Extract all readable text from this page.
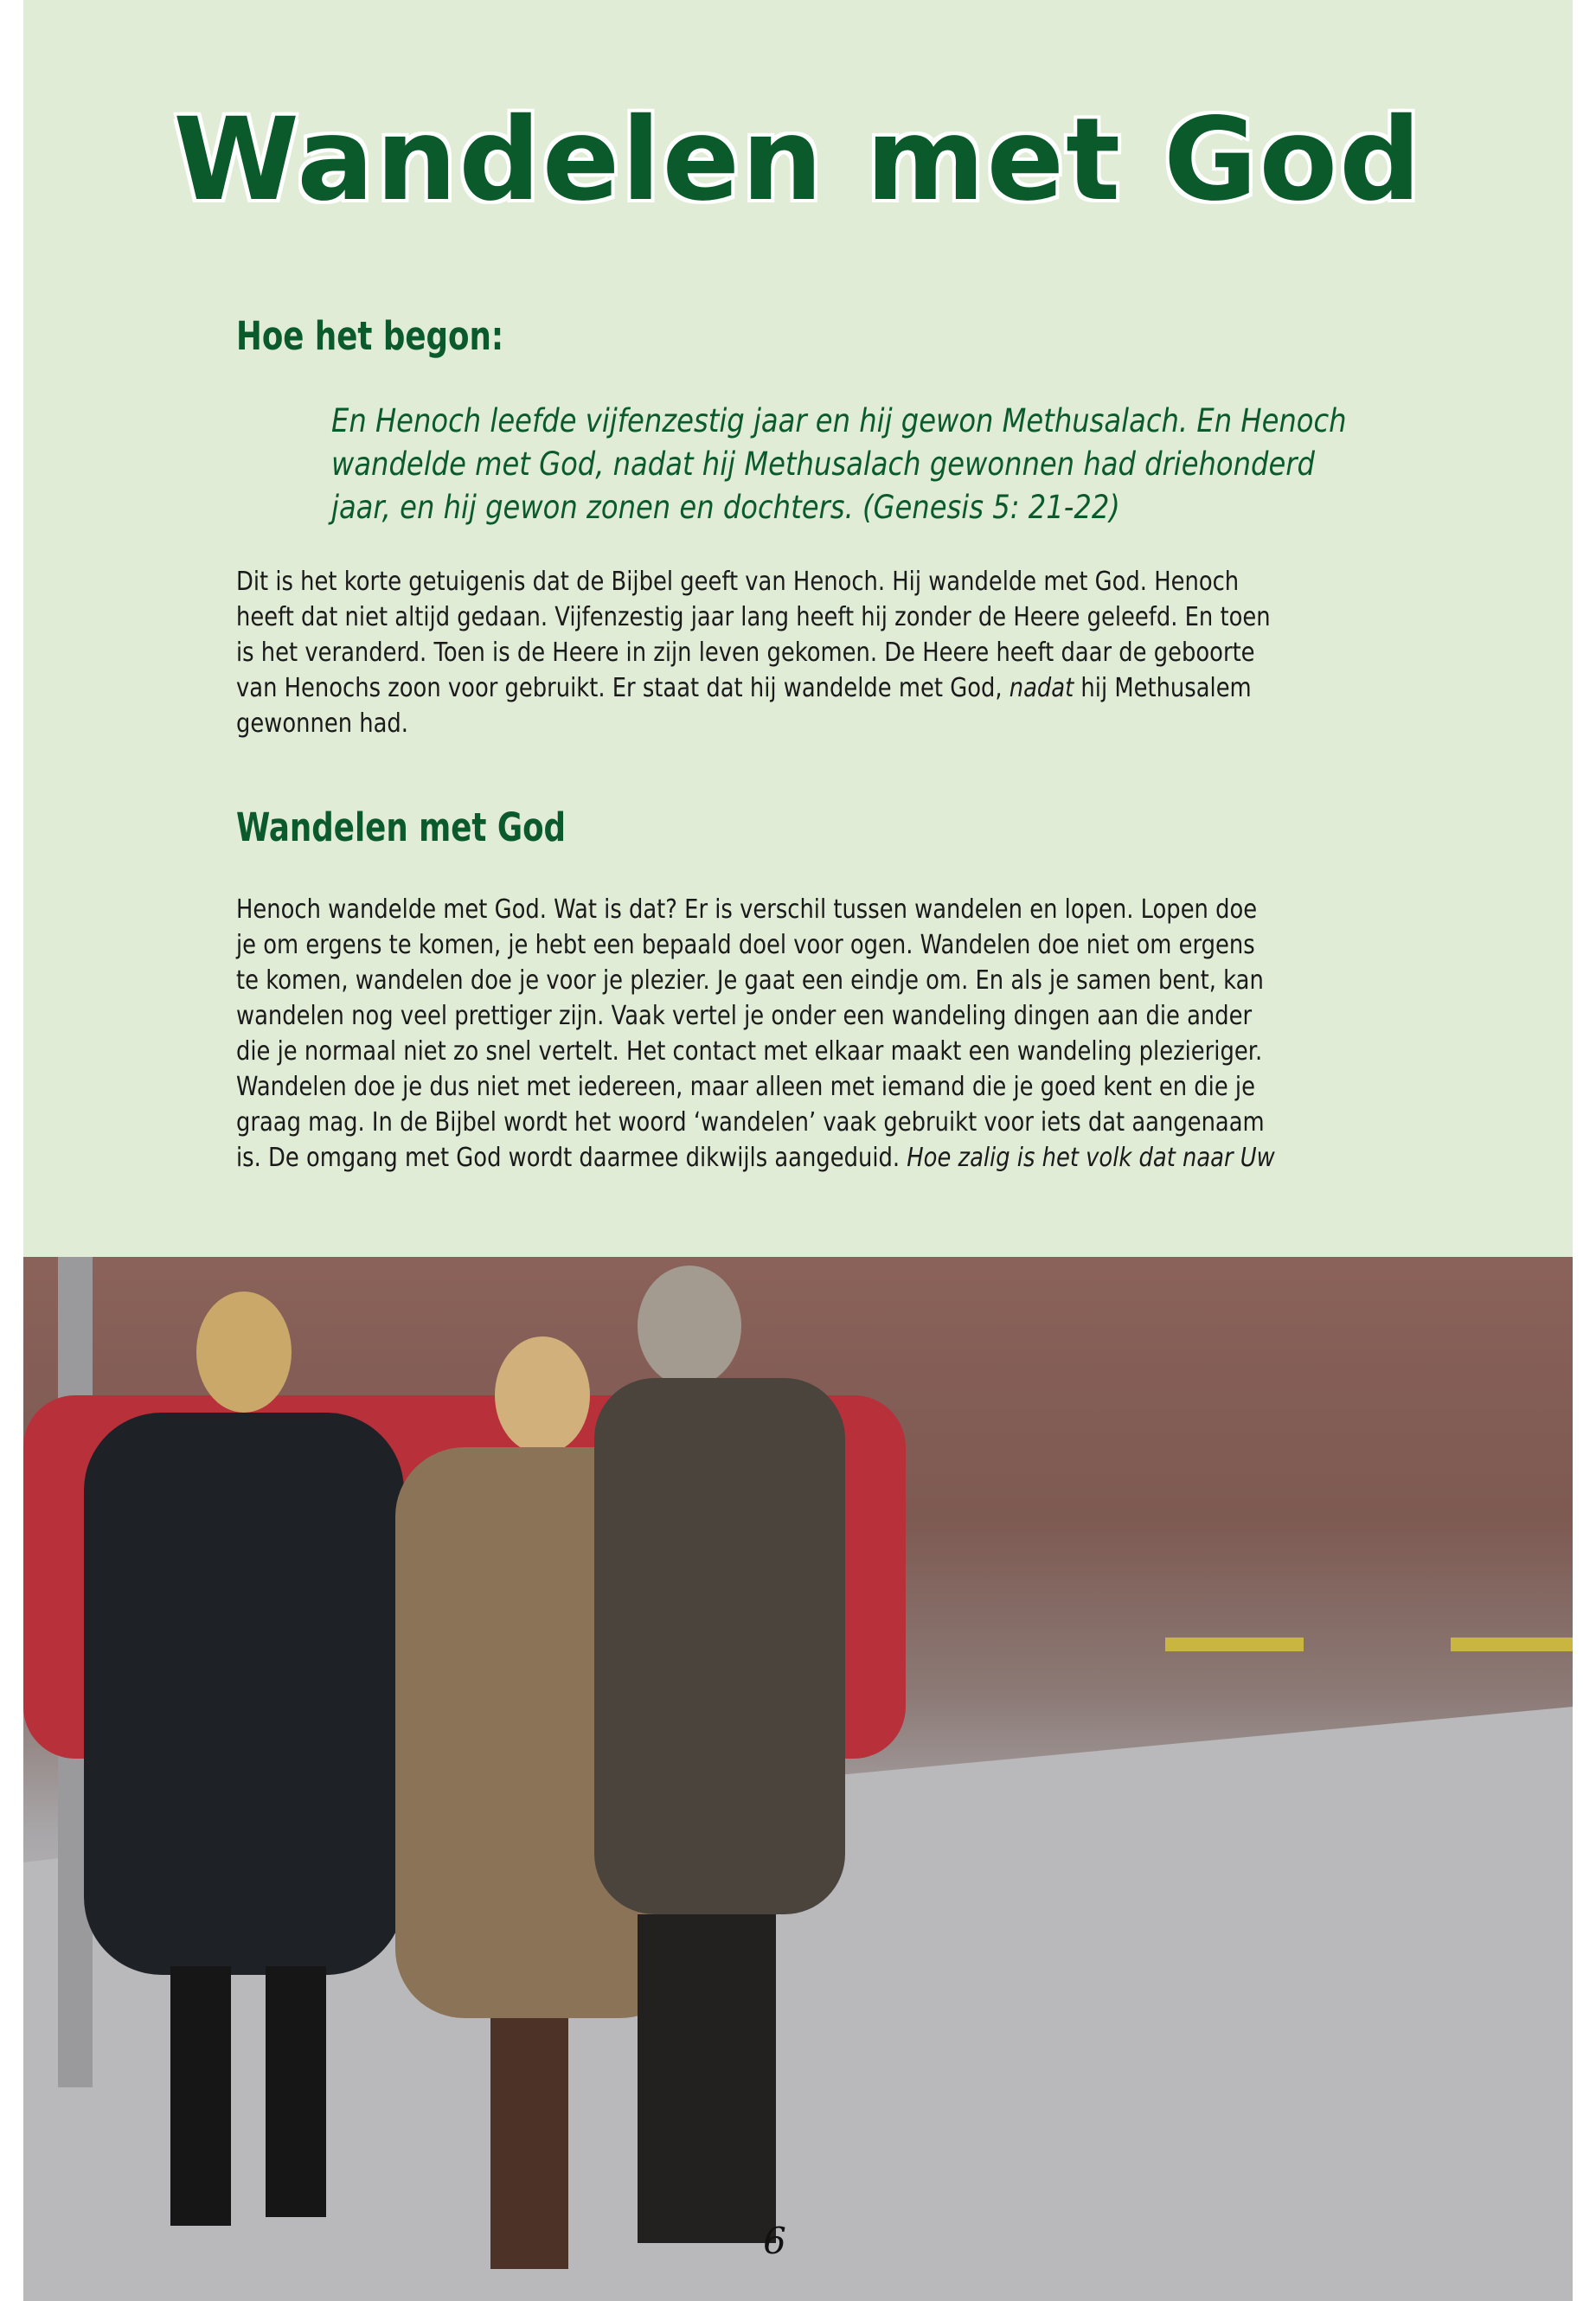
Wandelen met God
Hoe het begon:
En Henoch leefde vijfenzestig jaar en hij gewon Methusalach. En Henoch
wandelde met God, nadat hij Methusalach gewonnen had driehonderd
jaar, en hij gewon zonen en dochters. (Genesis 5: 21-22)
Dit is het korte getuigenis dat de Bijbel geeft van Henoch. Hij wandelde met God. Henoch
heeft dat niet altijd gedaan. Vijfenzestig jaar lang heeft hij zonder de Heere geleefd. En toen
is het veranderd. Toen is de Heere in zijn leven gekomen. De Heere heeft daar de geboorte
van Henochs zoon voor gebruikt. Er staat dat hij wandelde met God, nadat hij Methusalem
gewonnen had.
Wandelen met God
Henoch wandelde met God. Wat is dat? Er is verschil tussen wandelen en lopen. Lopen doe
je om ergens te komen, je hebt een bepaald doel voor ogen. Wandelen doe niet om ergens
te komen, wandelen doe je voor je plezier. Je gaat een eindje om. En als je samen bent, kan
wandelen nog veel prettiger zijn. Vaak vertel je onder een wandeling dingen aan die ander
die je normaal niet zo snel vertelt. Het contact met elkaar maakt een wandeling plezieriger.
Wandelen doe je dus niet met iedereen, maar alleen met iemand die je goed kent en die je
graag mag. In de Bijbel wordt het woord ‘wandelen’ vaak gebruikt voor iets dat aangenaam
is. De omgang met God wordt daarmee dikwijls aangeduid. Hoe zalig is het volk dat naar Uw
6
